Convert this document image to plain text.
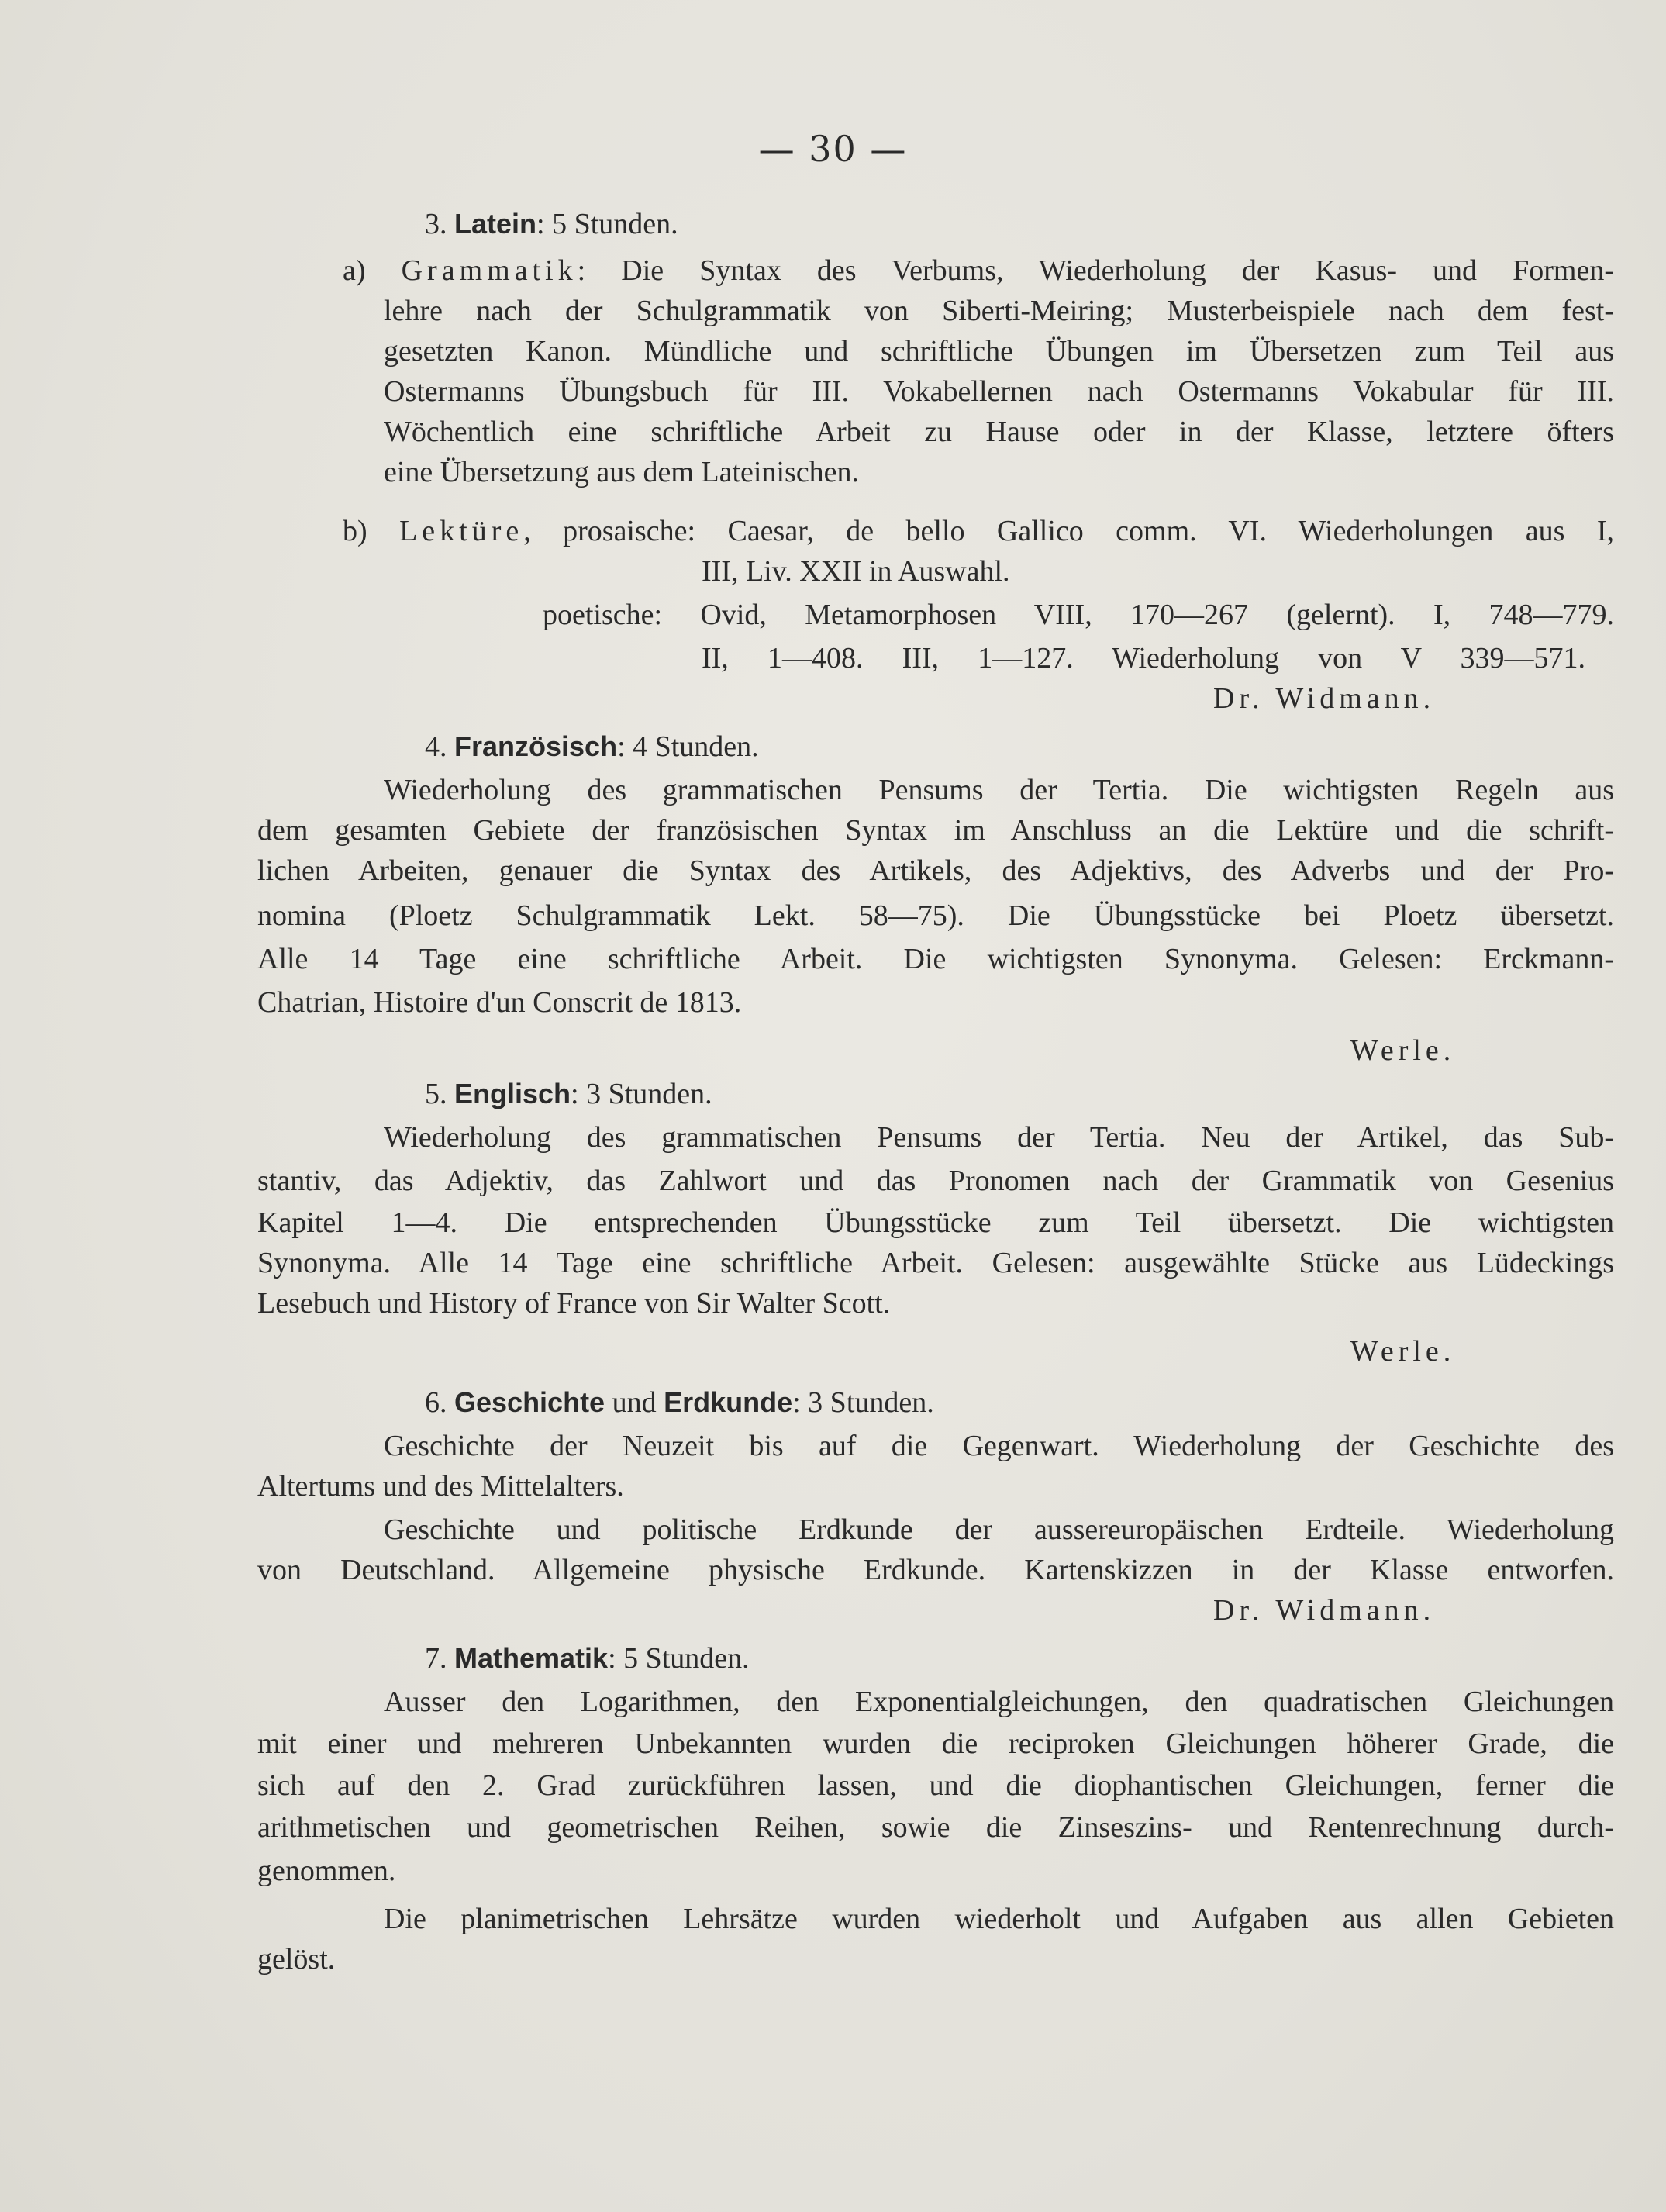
— 30 —
3. Latein: 5 Stunden.
a) Grammatik: Die Syntax des Verbums, Wiederholung der Kasus- und Formen-
lehre nach der Schulgrammatik von Siberti-Meiring; Musterbeispiele nach dem fest-
gesetzten Kanon. Mündliche und schriftliche Übungen im Übersetzen zum Teil aus
Ostermanns Übungsbuch für III. Vokabellernen nach Ostermanns Vokabular für III.
Wöchentlich eine schriftliche Arbeit zu Hause oder in der Klasse, letztere öfters
eine Übersetzung aus dem Lateinischen.
b) Lektüre, prosaische: Caesar, de bello Gallico comm. VI. Wiederholungen aus I,
III, Liv. XXII in Auswahl.
poetische: Ovid, Metamorphosen VIII, 170—267 (gelernt). I, 748—779.
II, 1—408. III, 1—127. Wiederholung von V 339—571.
Dr. Widmann.
4. Französisch: 4 Stunden.
Wiederholung des grammatischen Pensums der Tertia. Die wichtigsten Regeln aus
dem gesamten Gebiete der französischen Syntax im Anschluss an die Lektüre und die schrift-
lichen Arbeiten, genauer die Syntax des Artikels, des Adjektivs, des Adverbs und der Pro-
nomina (Ploetz Schulgrammatik Lekt. 58—75). Die Übungsstücke bei Ploetz übersetzt.
Alle 14 Tage eine schriftliche Arbeit. Die wichtigsten Synonyma. Gelesen: Erckmann-
Chatrian, Histoire d'un Conscrit de 1813.
Werle.
5. Englisch: 3 Stunden.
Wiederholung des grammatischen Pensums der Tertia. Neu der Artikel, das Sub-
stantiv, das Adjektiv, das Zahlwort und das Pronomen nach der Grammatik von Gesenius
Kapitel 1—4. Die entsprechenden Übungsstücke zum Teil übersetzt. Die wichtigsten
Synonyma. Alle 14 Tage eine schriftliche Arbeit. Gelesen: ausgewählte Stücke aus Lüdeckings
Lesebuch und History of France von Sir Walter Scott.
Werle.
6. Geschichte und Erdkunde: 3 Stunden.
Geschichte der Neuzeit bis auf die Gegenwart. Wiederholung der Geschichte des
Altertums und des Mittelalters.
Geschichte und politische Erdkunde der aussereuropäischen Erdteile. Wiederholung
von Deutschland. Allgemeine physische Erdkunde. Kartenskizzen in der Klasse entworfen.
Dr. Widmann.
7. Mathematik: 5 Stunden.
Ausser den Logarithmen, den Exponentialgleichungen, den quadratischen Gleichungen
mit einer und mehreren Unbekannten wurden die reciproken Gleichungen höherer Grade, die
sich auf den 2. Grad zurückführen lassen, und die diophantischen Gleichungen, ferner die
arithmetischen und geometrischen Reihen, sowie die Zinseszins- und Rentenrechnung durch-
genommen.
Die planimetrischen Lehrsätze wurden wiederholt und Aufgaben aus allen Gebieten
gelöst.
